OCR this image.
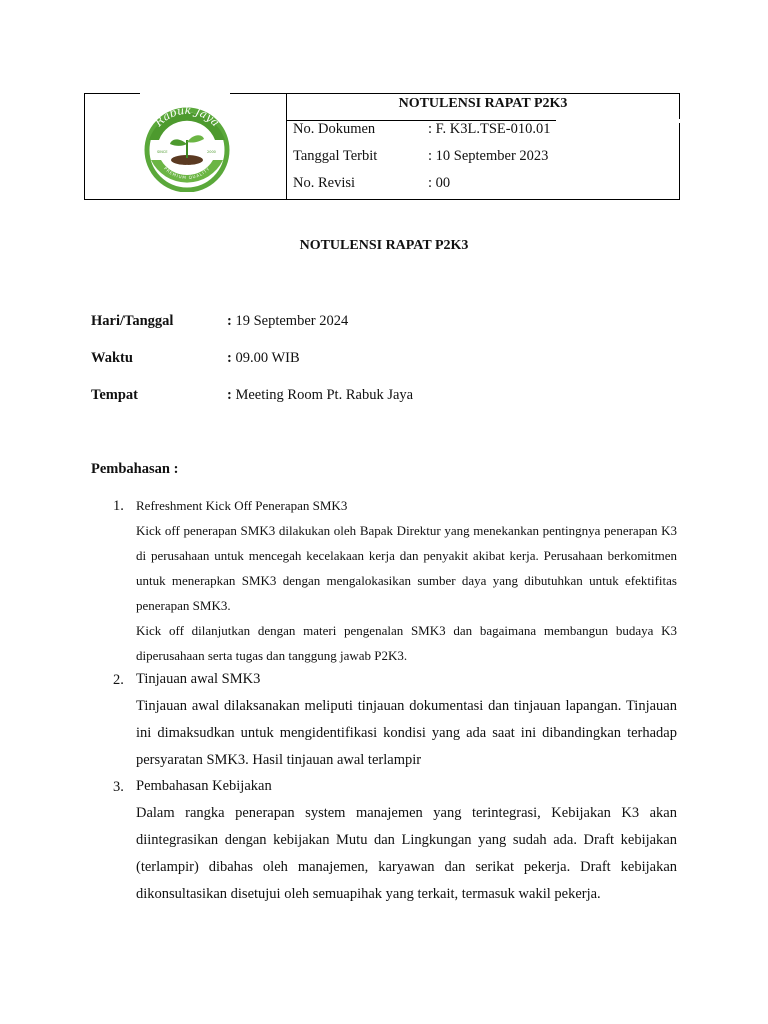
Rabuk Jaya
PREMIUM QUALITY
SINCE	2000
NOTULENSI RAPAT P2K3
No. Dokumen	: F. K3L.TSE-010.01
Tanggal Terbit	: 10 September 2023
No. Revisi	: 00
NOTULENSI RAPAT P2K3
Hari/Tanggal	: 19 September 2024
Waktu	: 09.00 WIB
Tempat	: Meeting Room Pt. Rabuk Jaya
Pembahasan :
1. Refreshment Kick Off Penerapan SMK3

Kick off penerapan SMK3 dilakukan oleh Bapak Direktur yang menekankan pentingnya penerapan K3 di perusahaan untuk mencegah kecelakaan kerja dan penyakit akibat kerja. Perusahaan berkomitmen untuk menerapkan SMK3 dengan mengalokasikan sumber daya yang dibutuhkan untuk efektifitas penerapan SMK3.

Kick off dilanjutkan dengan materi pengenalan SMK3 dan bagaimana membangun budaya K3 diperusahaan serta tugas dan tanggung jawab P2K3.

2. Tinjauan awal SMK3

Tinjauan awal dilaksanakan meliputi tinjauan dokumentasi dan tinjauan lapangan. Tinjauan ini dimaksudkan untuk mengidentifikasi kondisi yang ada saat ini dibandingkan terhadap persyaratan SMK3. Hasil tinjauan awal terlampir

3. Pembahasan Kebijakan

Dalam rangka penerapan system manajemen yang terintegrasi, Kebijakan K3 akan diintegrasikan dengan kebijakan Mutu dan Lingkungan yang sudah ada. Draft kebijakan (terlampir) dibahas oleh manajemen, karyawan dan serikat pekerja. Draft kebijakan dikonsultasikan disetujui oleh semuapihak yang terkait, termasuk wakil pekerja.
